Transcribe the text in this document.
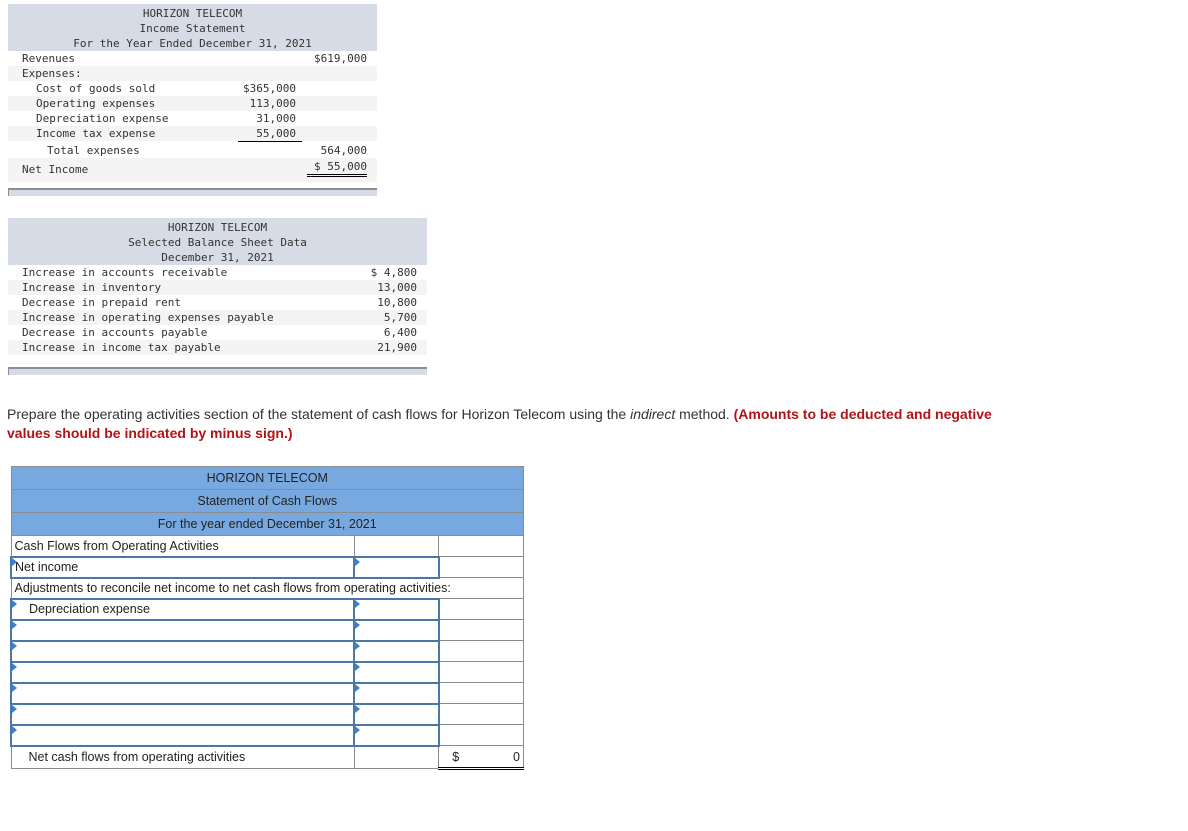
HORIZON TELECOM
Income Statement
For the Year Ended December 31, 2021
Revenues	$619,000
Expenses:
Cost of goods sold	$365,000
Operating expenses	113,000
Depreciation expense	31,000
Income tax expense	55,000
Total expenses	564,000
Net Income	$ 55,000
HORIZON TELECOM
Selected Balance Sheet Data
December 31, 2021
Increase in accounts receivable	$ 4,800
Increase in inventory	13,000
Decrease in prepaid rent	10,800
Increase in operating expenses payable	5,700
Decrease in accounts payable	6,400
Increase in income tax payable	21,900
Prepare the operating activities section of the statement of cash flows for Horizon Telecom using the indirect method. (Amounts to be deducted and negative values should be indicated by minus sign.)
HORIZON TELECOM		
Statement of Cash Flows		
For the year ended December 31, 2021		
Cash Flows from Operating Activities		
Net income		
Adjustments to reconcile net income to net cash flows from operating activities:		
Depreciation expense		

Net cash flows from operating activities		$ 0
